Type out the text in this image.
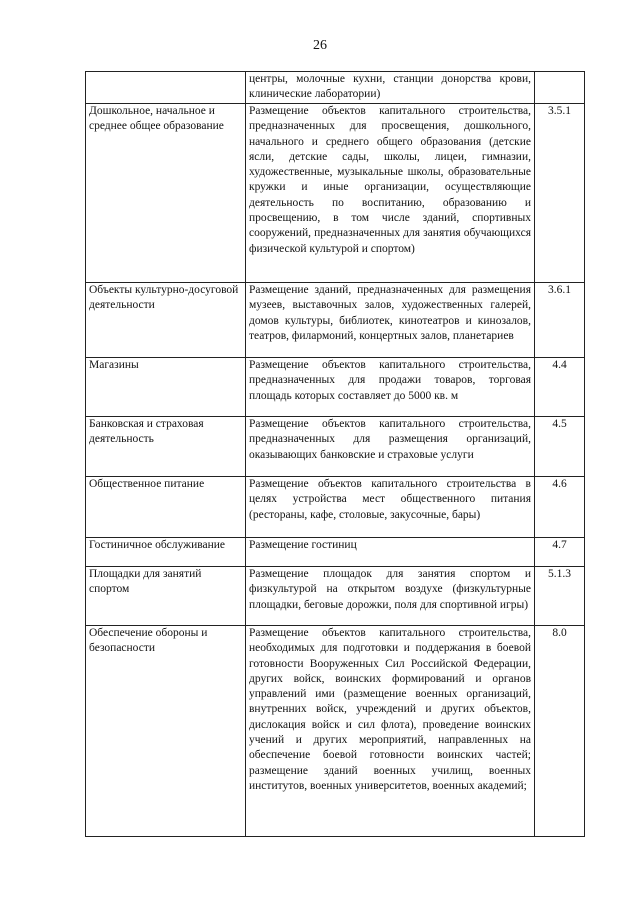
26
	центры, молочные кухни, станции донорства крови, клинические лаборатории)	
Дошкольное, начальное и среднее общее образование	Размещение объектов капитального строительства, предназначенных для просвещения, дошкольного, начального и среднего общего образования (детские ясли, детские сады, школы, лицеи, гимназии, художественные, музыкальные школы, образовательные кружки и иные организации, осуществляющие деятельность по воспитанию, образованию и просвещению, в том числе зданий, спортивных сооружений, предназначенных для занятия обучающихся физической культурой и спортом)	3.5.1
Объекты культурно-досуговой деятельности	Размещение зданий, предназначенных для размещения музеев, выставочных залов, художественных галерей, домов культуры, библиотек, кинотеатров и кинозалов, театров, филармоний, концертных залов, планетариев	3.6.1
Магазины	Размещение объектов капитального строительства, предназначенных для продажи товаров, торговая площадь которых составляет до 5000 кв. м	4.4
Банковская и страховая деятельность	Размещение объектов капитального строительства, предназначенных для размещения организаций, оказывающих банковские и страховые услуги	4.5
Общественное питание	Размещение объектов капитального строительства в целях устройства мест общественного питания (рестораны, кафе, столовые, закусочные, бары)	4.6
Гостиничное обслуживание	Размещение гостиниц	4.7
Площадки для занятий спортом	Размещение площадок для занятия спортом и физкультурой на открытом воздухе (физкультурные площадки, беговые дорожки, поля для спортивной игры)	5.1.3
Обеспечение обороны и безопасности	Размещение объектов капитального строительства, необходимых для подготовки и поддержания в боевой готовности Вооруженных Сил Российской Федерации, других войск, воинских формирований и органов управлений ими (размещение военных организаций, внутренних войск, учреждений и других объектов, дислокация войск и сил флота), проведение воинских учений и других мероприятий, направленных на обеспечение боевой готовности воинских частей; размещение зданий военных училищ, военных институтов, военных университетов, военных академий;	8.0
